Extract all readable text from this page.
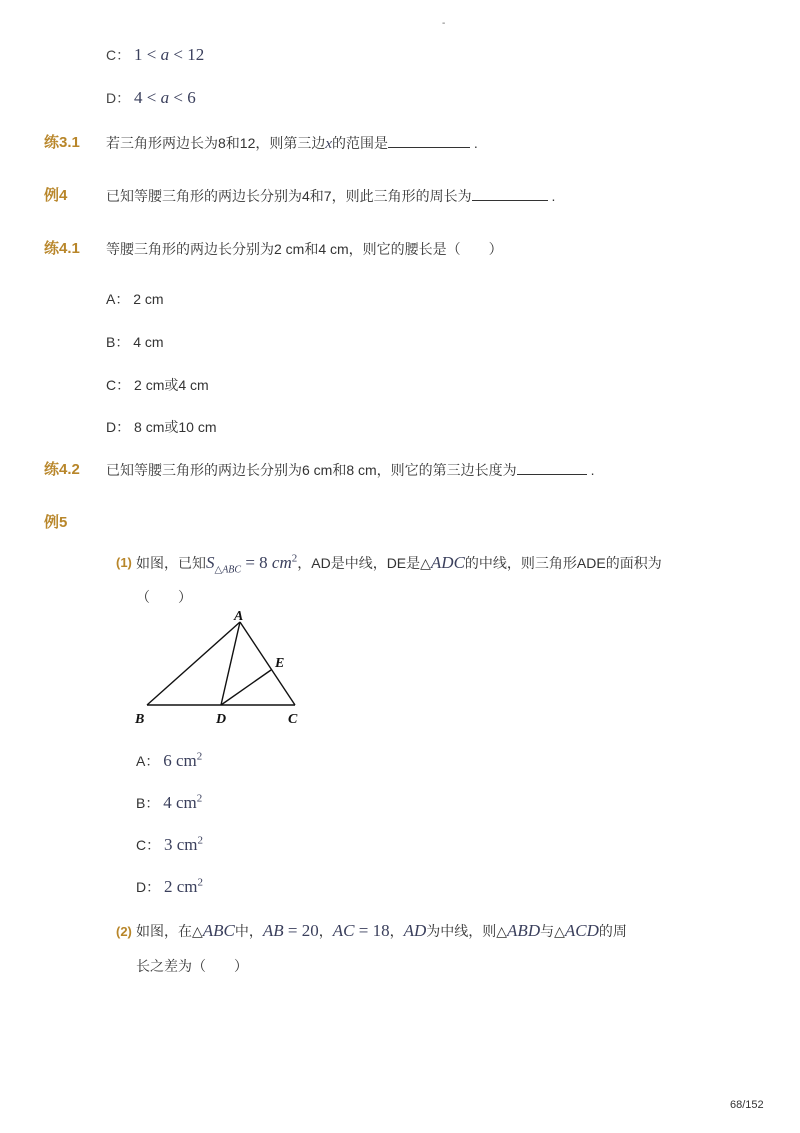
-
C： 1 < a < 12
D： 4 < a < 6
练3.1 若三角形两边长为8和12，则第三边x的范围是	.
例4	已知等腰三角形的两边长分别为4和7，则此三角形的周长为	.
练4.1 等腰三角形的两边长分别为2 cm和4 cm，则它的腰长是（　　）
A： 2 cm
B： 4 cm
C： 2 cm或4 cm
D： 8 cm或10 cm
练4.2 已知等腰三角形的两边长分别为6 cm和8 cm，则它的第三边长度为	.
例5
(1) 如图，已知$S_{\triangle ABC} = 8$ $cm^2$，AD是中线，DE是△ADC的中线，则三角形ADE的面积为
（　　）
A
B	D	C
E
A： 6 $cm^2$
B： 4 $cm^2$
C： 3 $cm^2$
D： 2 $cm^2$
(2) 如图，在△ABC中，AB = 20，AC = 18，AD为中线，则△ABD与△ACD的周
长之差为（　　）
68/152
